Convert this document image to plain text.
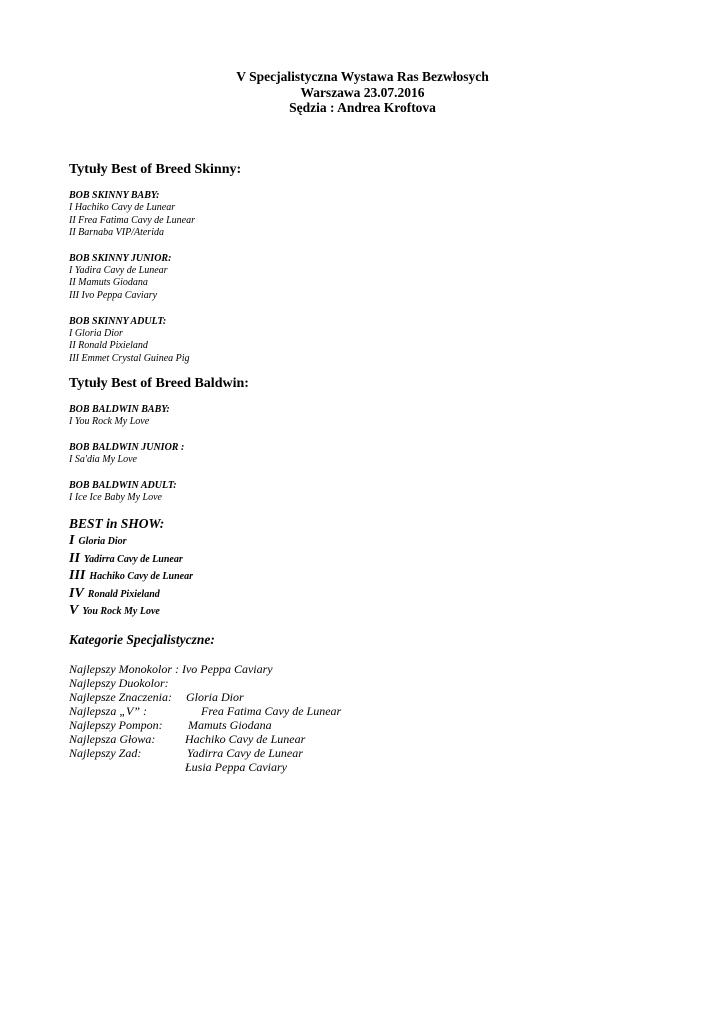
V Specjalistyczna Wystawa Ras Bezwłosych
Warszawa 23.07.2016
Sędzia : Andrea Kroftova

Tytuły Best of Breed Skinny:

BOB SKINNY BABY:

I Hachiko Cavy de Lunear

II Frea Fatima Cavy de Lunear

II Barnaba VIP/Aterida

BOB SKINNY JUNIOR:

I Yadira Cavy de Lunear

II Mamuts Giodana

III Ivo Peppa Caviary

BOB SKINNY ADULT:

I Gloria Dior

II Ronald Pixieland

III Emmet Crystal Guinea Pig

Tytuły Best of Breed Baldwin:

BOB BALDWIN BABY:

I You Rock My Love

BOB BALDWIN JUNIOR :

I Sa'dia My Love

BOB BALDWIN ADULT:

I Ice Ice Baby My Love

BEST in SHOW:
I Gloria Dior
II Yadirra Cavy de Lunear
III Hachiko Cavy de Lunear
IV Ronald Pixieland
V You Rock My Love
Kategorie Specjalistyczne:

Najlepszy Monokolor : Ivo Peppa Caviary

Najlepszy Duokolor:

Gloria Dior

Najlepsze Znaczenia:

Frea Fatima Cavy de Lunear

Najlepsza „V” :

Mamuts Giodana

Najlepszy Pompon:

Hachiko Cavy de Lunear

Najlepsza Głowa:

Yadirra Cavy de Lunear

Najlepszy Zad:

Łusia Peppa Caviary
